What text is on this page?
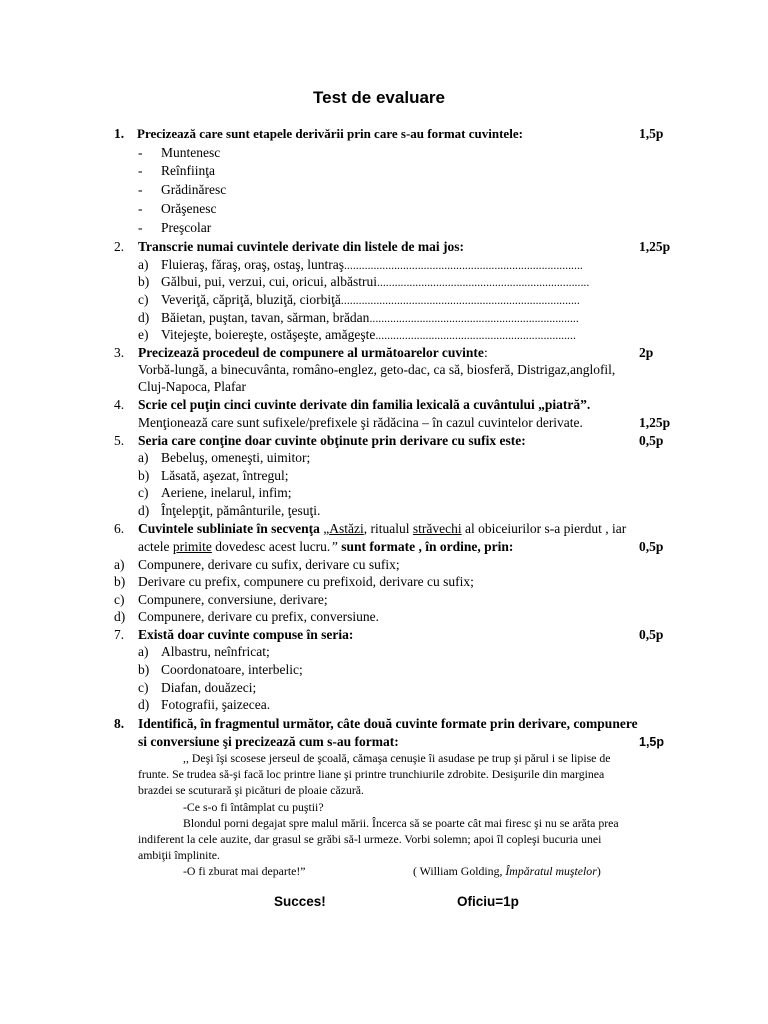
Test de evaluare
1. Precizează care sunt etapele derivării prin care s-au format cuvintele:	1,5p
- Muntenesc
- Reînfiinţa
- Grădinăresc
- Orăşenesc
- Preşcolar
2. Transcrie numai cuvintele derivate din listele de mai jos:	1,25p
a) Fluieraş, făraş, oraş, ostaş, luntraş.................................................................................
b) Gălbui, pui, verzui, cui, oricui, albăstrui........................................................................
c) Veveriţă, căpriţă, bluziţă, ciorbiţă.................................................................................
d) Băietan, puştan, tavan, sărman, brădan.......................................................................
e) Vitejeşte, boiereşte, ostăşeşte, amăgeşte....................................................................
3. Precizează procedeul de compunere al următoarelor cuvinte:	2p
Vorbă-lungă, a binecuvânta, româno-englez, geto-dac, ca să, biosferă, Distrigaz,anglofil,
Cluj-Napoca, Plafar
4. Scrie cel puţin cinci cuvinte derivate din familia lexicală a cuvântului „piatră”.
Menţionează care sunt sufixele/prefixele şi rădăcina – în cazul cuvintelor derivate.	1,25p
5. Seria care conţine doar cuvinte obţinute prin derivare cu sufix este:	0,5p
a) Bebeluş, omeneşti, uimitor;
b) Lăsată, aşezat, întregul;
c) Aeriene, inelarul, infim;
d) Înţelepţit, pământurile, ţesuţi.
6. Cuvintele subliniate în secvenţa „Astăzi, ritualul străvechi al obiceiurilor s-a pierdut , iar
actele primite dovedesc acest lucru.” sunt formate , în ordine, prin:	0,5p
a) Compunere, derivare cu sufix, derivare cu sufix;
b) Derivare cu prefix, compunere cu prefixoid, derivare cu sufix;
c) Compunere, conversiune, derivare;
d) Compunere, derivare cu prefix, conversiune.
7. Există doar cuvinte compuse în seria:	0,5p
a) Albastru, neînfricat;
b) Coordonatoare, interbelic;
c) Diafan, douăzeci;
d) Fotografii, şaizecea.
8. Identifică, în fragmentul următor, câte două cuvinte formate prin derivare, compunere
si conversiune şi precizează cum s-au format:	1,5p
,, Deşi îşi scosese jerseul de şcoală, cămaşa cenuşie îi asudase pe trup şi părul i se lipise de
frunte. Se trudea să-şi facă loc printre liane şi printre trunchiurile zdrobite. Desişurile din marginea
brazdei se scuturară şi picături de ploaie căzură.
-Ce s-o fi întâmplat cu puştii?
Blondul porni degajat spre malul mării. Încerca să se poarte cât mai firesc şi nu se arăta prea
indiferent la cele auzite, dar grasul se grăbi să-l urmeze. Vorbi solemn; apoi îl copleşi bucuria unei
ambiţii împlinite.
-O fi zburat mai departe!”	( William Golding, Împăratul muştelor)
Succes!	Oficiu=1p
